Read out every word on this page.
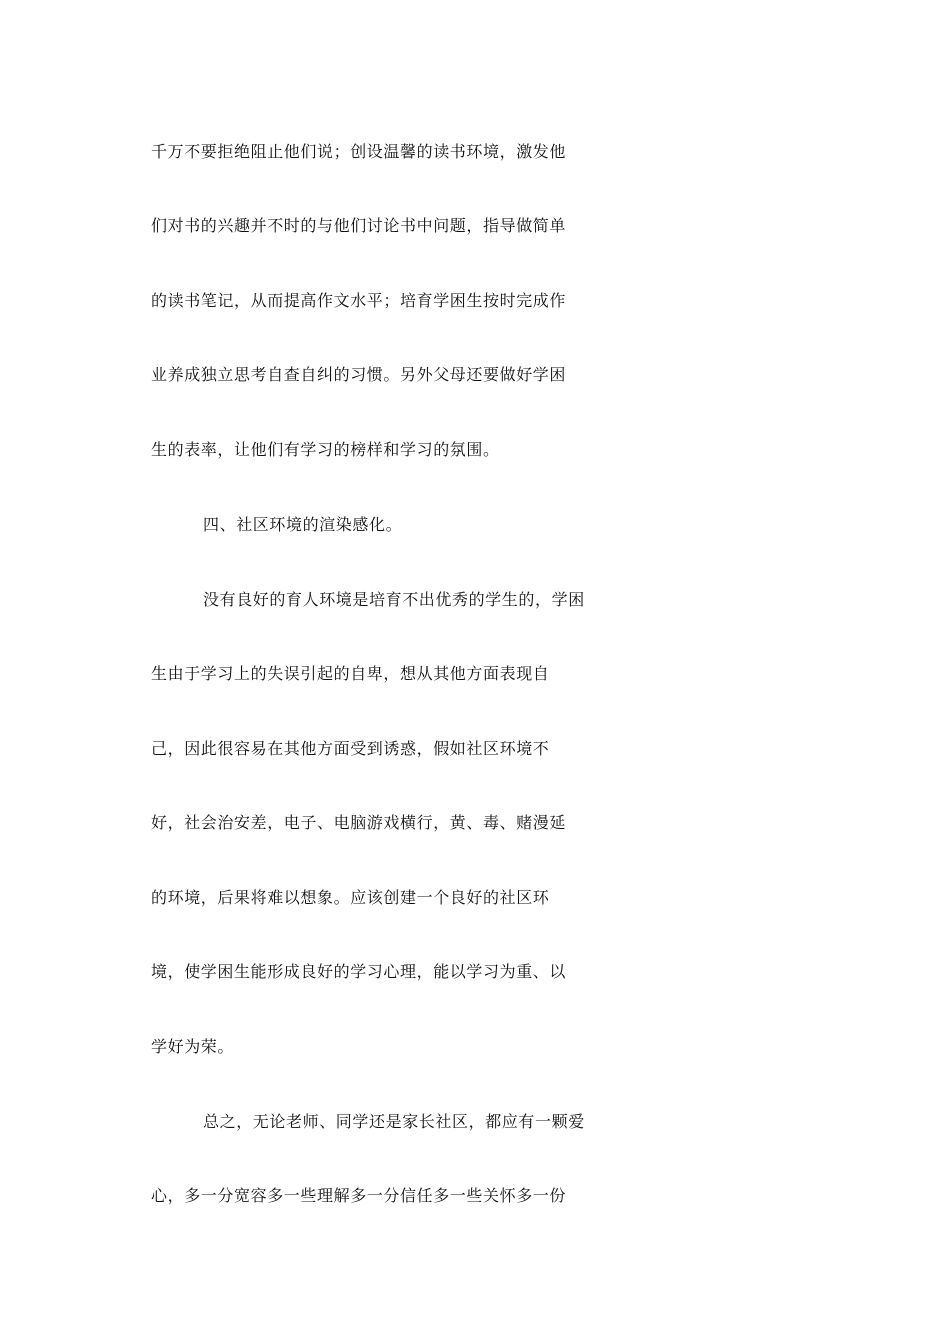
千万不要拒绝阻止他们说；创设温馨的读书环境，激发他
们对书的兴趣并不时的与他们讨论书中问题，指导做简单
的读书笔记，从而提高作文水平；培育学困生按时完成作
业养成独立思考自查自纠的习惯。另外父母还要做好学困
生的表率，让他们有学习的榜样和学习的氛围。
四、社区环境的渲染感化。
没有良好的育人环境是培育不出优秀的学生的，学困
生由于学习上的失误引起的自卑，想从其他方面表现自
己，因此很容易在其他方面受到诱惑，假如社区环境不
好，社会治安差，电子、电脑游戏横行，黄、毒、赌漫延
的环境，后果将难以想象。应该创建一个良好的社区环
境，使学困生能形成良好的学习心理，能以学习为重、以
学好为荣。
总之，无论老师、同学还是家长社区，都应有一颗爱
心，多一分宽容多一些理解多一分信任多一些关怀多一份
